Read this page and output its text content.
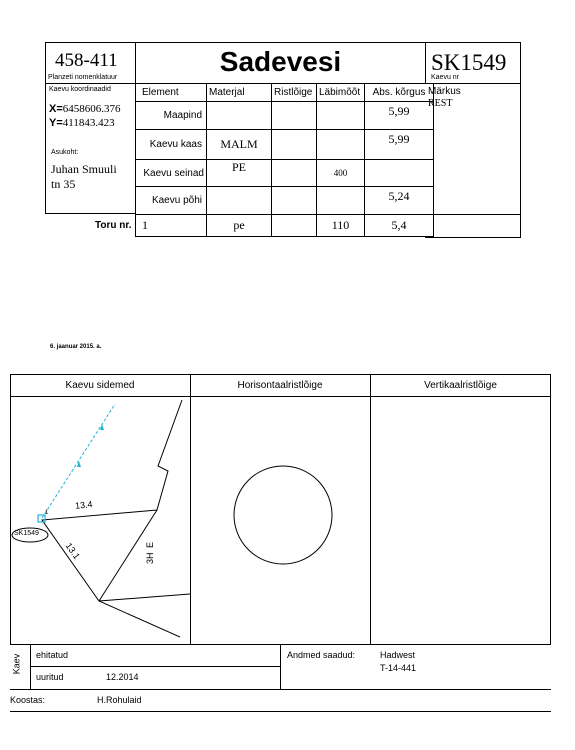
458-411
Planzeti nomenklatuur
Sadevesi	SK1549
Kaevu nr
Kaevu koordinaadid
X=6458606.376
Y=411843.423
Asukoht:
Juhan Smuuli
tn 35
Element	Materjal	Ristlõige	Läbimõõt	Abs. kõrgus
Maapind				5,99
Kaevu kaas	MALM			5,99
Kaevu seinad	PE		400	
Kaevu põhi				5,24
1	pe		110	5,4
Märkus
REST
Toru nr.
6. jaanuar 2015. a.
Kaevu sidemed	Horisontaalristlõige	Vertikaalristlõige
SK1549
1
13.4
13.1	3H E
Kaev ehitatud
uuritud	12.2014
Andmed saadud:	Hadwest
T-14-441
Koostas:	H.Rohulaid
